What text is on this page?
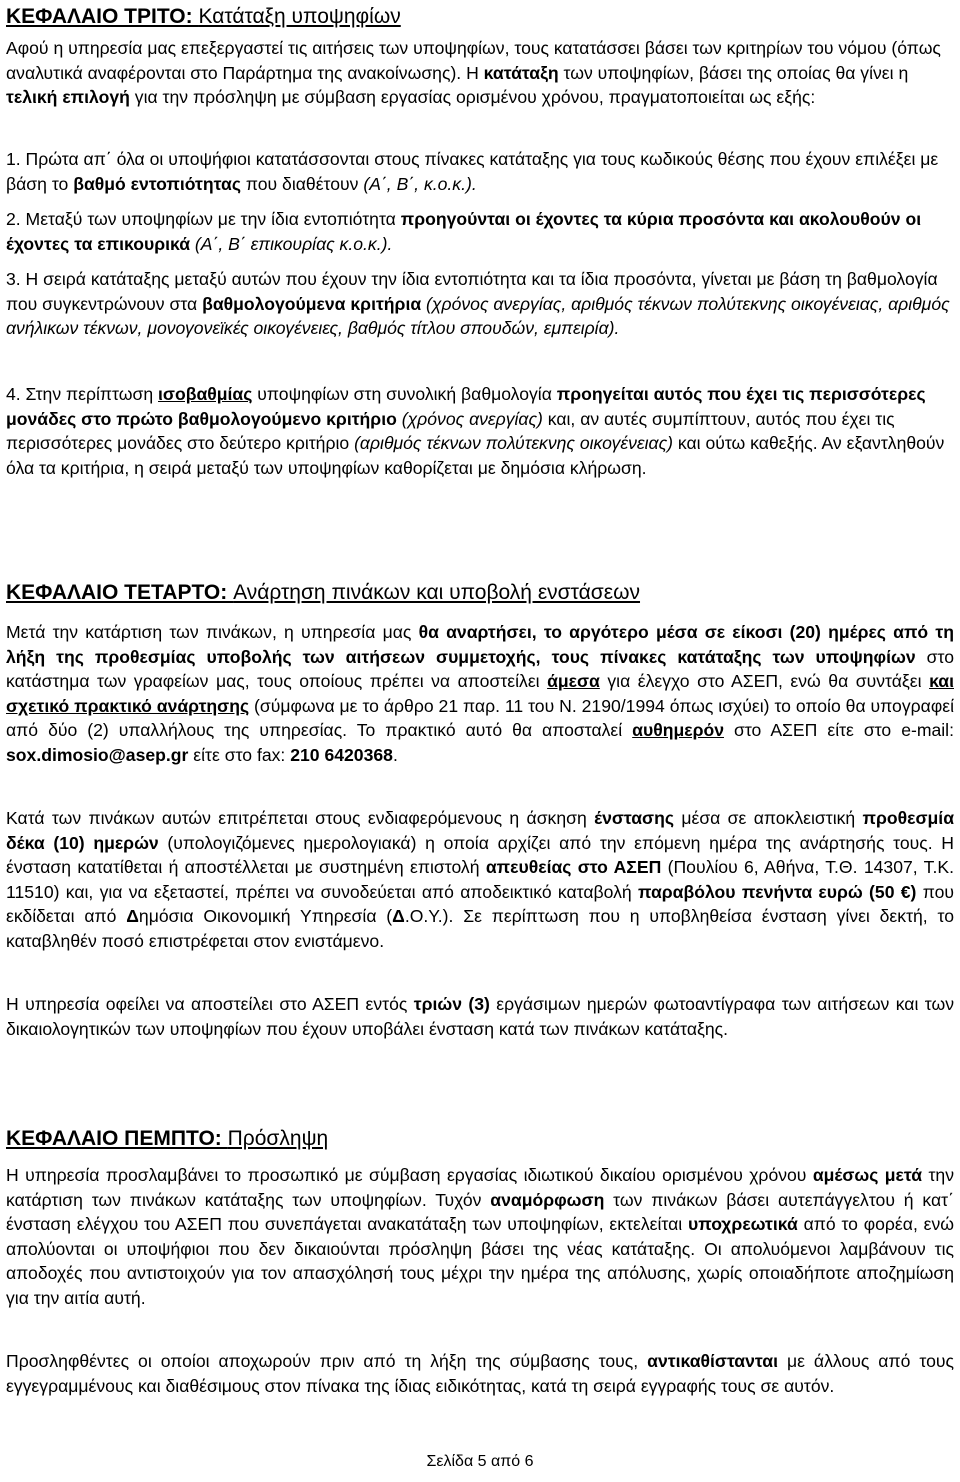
ΚΕΦΑΛΑΙΟ ΤΡΙΤΟ: Κατάταξη υποψηφίων
Αφού η υπηρεσία μας επεξεργαστεί τις αιτήσεις των υποψηφίων, τους κατατάσσει βάσει των κριτηρίων του νόμου (όπως αναλυτικά αναφέρονται στο Παράρτημα της ανακοίνωσης). Η κατάταξη των υποψηφίων, βάσει της οποίας θα γίνει η τελική επιλογή για την πρόσληψη με σύμβαση εργασίας ορισμένου χρόνου, πραγματοποιείται ως εξής:
1. Πρώτα απ΄ όλα οι υποψήφιοι κατατάσσονται στους πίνακες κατάταξης για τους κωδικούς θέσης που έχουν επιλέξει με βάση το βαθμό εντοπιότητας που διαθέτουν (Α΄, Β΄, κ.ο.κ.).
2. Μεταξύ των υποψηφίων με την ίδια εντοπιότητα προηγούνται οι έχοντες τα κύρια προσόντα και ακολουθούν οι έχοντες τα επικουρικά (Α΄, Β΄ επικουρίας κ.ο.κ.).
3. Η σειρά κατάταξης μεταξύ αυτών που έχουν την ίδια εντοπιότητα και τα ίδια προσόντα, γίνεται με βάση τη βαθμολογία που συγκεντρώνουν στα βαθμολογούμενα κριτήρια (χρόνος ανεργίας, αριθμός τέκνων πολύτεκνης οικογένειας, αριθμός ανήλικων τέκνων, μονογονεϊκές οικογένειες, βαθμός τίτλου σπουδών, εμπειρία).
4. Στην περίπτωση ισοβαθμίας υποψηφίων στη συνολική βαθμολογία προηγείται αυτός που έχει τις περισσότερες μονάδες στο πρώτο βαθμολογούμενο κριτήριο (χρόνος ανεργίας) και, αν αυτές συμπίπτουν, αυτός που έχει τις περισσότερες μονάδες στο δεύτερο κριτήριο (αριθμός τέκνων πολύτεκνης οικογένειας) και ούτω καθεξής. Αν εξαντληθούν όλα τα κριτήρια, η σειρά μεταξύ των υποψηφίων καθορίζεται με δημόσια κλήρωση.
ΚΕΦΑΛΑΙΟ ΤΕΤΑΡΤΟ: Ανάρτηση πινάκων και υποβολή ενστάσεων
Μετά την κατάρτιση των πινάκων, η υπηρεσία μας θα αναρτήσει, το αργότερο μέσα σε είκοσι (20) ημέρες από τη λήξη της προθεσμίας υποβολής των αιτήσεων συμμετοχής, τους πίνακες κατάταξης των υποψηφίων στο κατάστημα των γραφείων μας, τους οποίους πρέπει να αποστείλει άμεσα για έλεγχο στο ΑΣΕΠ, ενώ θα συντάξει και σχετικό πρακτικό ανάρτησης (σύμφωνα με το άρθρο 21 παρ. 11 του Ν. 2190/1994 όπως ισχύει) το οποίο θα υπογραφεί από δύο (2) υπαλλήλους της υπηρεσίας. Το πρακτικό αυτό θα αποσταλεί αυθημερόν στο ΑΣΕΠ είτε στο e-mail: sox.dimosio@asep.gr είτε στο fax: 210 6420368.
Κατά των πινάκων αυτών επιτρέπεται στους ενδιαφερόμενους η άσκηση ένστασης μέσα σε αποκλειστική προθεσμία δέκα (10) ημερών (υπολογιζόμενες ημερολογιακά) η οποία αρχίζει από την επόμενη ημέρα της ανάρτησής τους. Η ένσταση κατατίθεται ή αποστέλλεται με συστημένη επιστολή απευθείας στο ΑΣΕΠ (Πουλίου 6, Αθήνα, Τ.Θ. 14307, Τ.Κ. 11510) και, για να εξεταστεί, πρέπει να συνοδεύεται από αποδεικτικό καταβολή παραβόλου πενήντα ευρώ (50 €) που εκδίδεται από Δημόσια Οικονομική Υπηρεσία (Δ.Ο.Υ.). Σε περίπτωση που η υποβληθείσα ένσταση γίνει δεκτή, το καταβληθέν ποσό επιστρέφεται στον ενιστάμενο.
Η υπηρεσία οφείλει να αποστείλει στο ΑΣΕΠ εντός τριών (3) εργάσιμων ημερών φωτοαντίγραφα των αιτήσεων και των δικαιολογητικών των υποψηφίων που έχουν υποβάλει ένσταση κατά των πινάκων κατάταξης.
ΚΕΦΑΛΑΙΟ ΠΕΜΠΤΟ: Πρόσληψη
Η υπηρεσία προσλαμβάνει το προσωπικό με σύμβαση εργασίας ιδιωτικού δικαίου ορισμένου χρόνου αμέσως μετά την κατάρτιση των πινάκων κατάταξης των υποψηφίων. Τυχόν αναμόρφωση των πινάκων βάσει αυτεπάγγελτου ή κατ΄ ένσταση ελέγχου του ΑΣΕΠ που συνεπάγεται ανακατάταξη των υποψηφίων, εκτελείται υποχρεωτικά από το φορέα, ενώ απολύονται οι υποψήφιοι που δεν δικαιούνται πρόσληψη βάσει της νέας κατάταξης. Οι απολυόμενοι λαμβάνουν τις αποδοχές που αντιστοιχούν για τον απασχόλησή τους μέχρι την ημέρα της απόλυσης, χωρίς οποιαδήποτε αποζημίωση για την αιτία αυτή.
Προσληφθέντες οι οποίοι αποχωρούν πριν από τη λήξη της σύμβασης τους, αντικαθίστανται με άλλους από τους εγγεγραμμένους και διαθέσιμους στον πίνακα της ίδιας ειδικότητας, κατά τη σειρά εγγραφής τους σε αυτόν.
Σελίδα 5 από 6
